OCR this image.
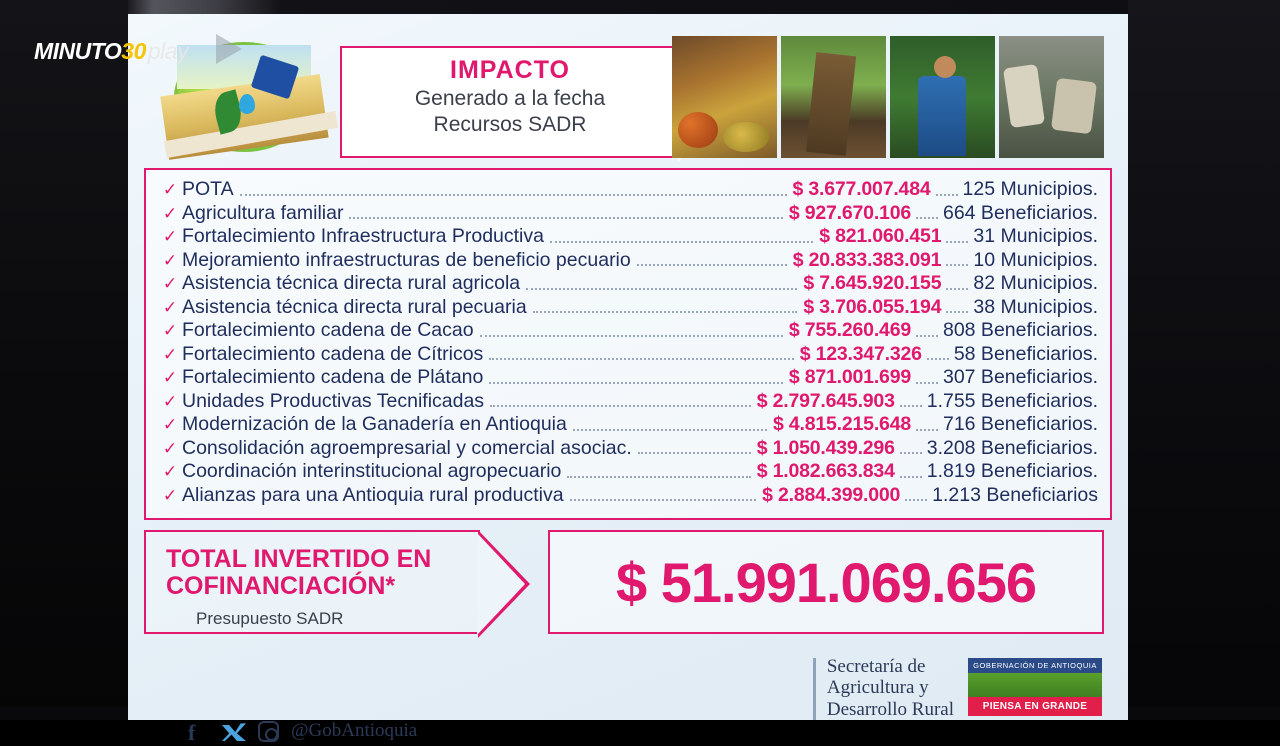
MINUTO 30 play
IMPACTO
Generado a la fecha
Recursos SADR
✓ POTA	$ 3.677.007.484 125 Municipios.
✓ Agricultura familiar	$ 927.670.106 664 Beneficiarios.
✓ Fortalecimiento Infraestructura Productiva	$ 821.060.451 31 Municipios.
✓ Mejoramiento infraestructuras de beneficio pecuario	$ 20.833.383.091 10 Municipios.
✓ Asistencia técnica directa rural agricola	$ 7.645.920.155 82 Municipios.
✓ Asistencia técnica directa rural pecuaria	$ 3.706.055.194 38 Municipios.
✓ Fortalecimiento cadena de Cacao	$ 755.260.469 808 Beneficiarios.
✓ Fortalecimiento cadena de Cítricos	$ 123.347.326 58 Beneficiarios.
✓ Fortalecimiento cadena de Plátano	$ 871.001.699 307 Beneficiarios.
✓ Unidades Productivas Tecnificadas	$ 2.797.645.903 1.755 Beneficiarios.
✓ Modernización de la Ganadería en Antioquia	$ 4.815.215.648 716 Beneficiarios.
✓ Consolidación agroempresarial y comercial asociac.	$ 1.050.439.296 3.208 Beneficiarios.
✓ Coordinación interinstitucional agropecuario	$ 1.082.663.834 1.819 Beneficiarios.
✓ Alianzas para una Antioquia rural productiva	$ 2.884.399.000 1.213 Beneficiarios
TOTAL INVERTIDO EN
COFINANCIACIÓN*
Presupuesto SADR
$ 51.991.069.656
Secretaría de
Agricultura y
Desarrollo Rural
GOBERNACIÓN DE ANTIOQUIA
PIENSA EN GRANDE
f	@GobAntioquia
